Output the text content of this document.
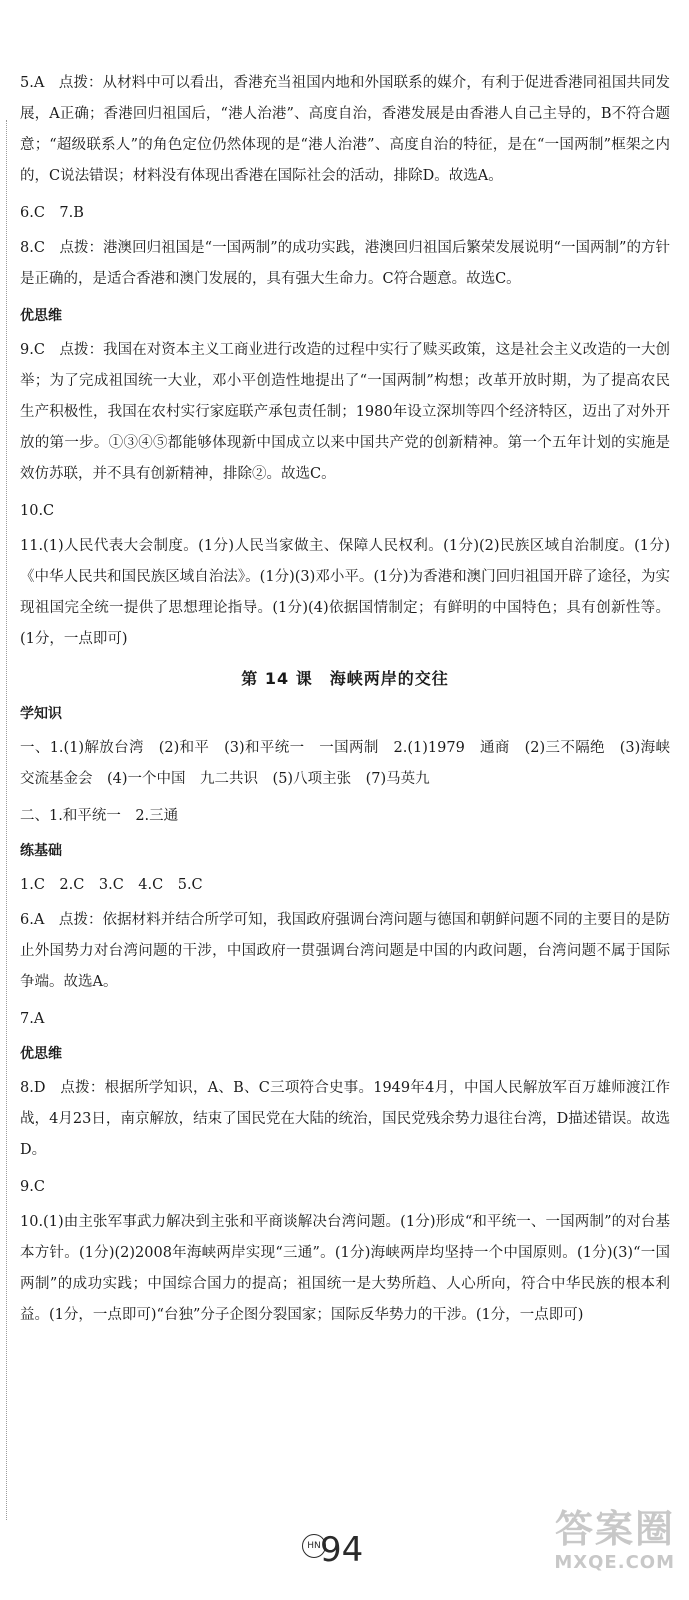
5.A　点拨：从材料中可以看出，香港充当祖国内地和外国联系的媒介，有利于促进香港同祖国共同发展，A正确；香港回归祖国后，“港人治港”、高度自治，香港发展是由香港人自己主导的，B不符合题意；“超级联系人”的角色定位仍然体现的是“港人治港”、高度自治的特征，是在“一国两制”框架之内的，C说法错误；材料没有体现出香港在国际社会的活动，排除D。故选A。

6.C　7.B

8.C　点拨：港澳回归祖国是“一国两制”的成功实践，港澳回归祖国后繁荣发展说明“一国两制”的方针是正确的，是适合香港和澳门发展的，具有强大生命力。C符合题意。故选C。

优思维

9.C　点拨：我国在对资本主义工商业进行改造的过程中实行了赎买政策，这是社会主义改造的一大创举；为了完成祖国统一大业，邓小平创造性地提出了“一国两制”构想；改革开放时期，为了提高农民生产积极性，我国在农村实行家庭联产承包责任制；1980年设立深圳等四个经济特区，迈出了对外开放的第一步。①③④⑤都能够体现新中国成立以来中国共产党的创新精神。第一个五年计划的实施是效仿苏联，并不具有创新精神，排除②。故选C。

10.C

11.(1)人民代表大会制度。(1分)人民当家做主、保障人民权利。(1分)(2)民族区域自治制度。(1分)《中华人民共和国民族区域自治法》。(1分)(3)邓小平。(1分)为香港和澳门回归祖国开辟了途径，为实现祖国完全统一提供了思想理论指导。(1分)(4)依据国情制定；有鲜明的中国特色；具有创新性等。(1分，一点即可)

第 14 课　海峡两岸的交往
学知识

一、1.(1)解放台湾　(2)和平　(3)和平统一　一国两制　2.(1)1979　通商　(2)三不隔绝　(3)海峡交流基金会　(4)一个中国　九二共识　(5)八项主张　(7)马英九

二、1.和平统一　2.三通

练基础

1.C　2.C　3.C　4.C　5.C

6.A　点拨：依据材料并结合所学可知，我国政府强调台湾问题与德国和朝鲜问题不同的主要目的是防止外国势力对台湾问题的干涉，中国政府一贯强调台湾问题是中国的内政问题，台湾问题不属于国际争端。故选A。

7.A

优思维

8.D　点拨：根据所学知识，A、B、C三项符合史事。1949年4月，中国人民解放军百万雄师渡江作战，4月23日，南京解放，结束了国民党在大陆的统治，国民党残余势力退往台湾，D描述错误。故选D。

9.C

10.(1)由主张军事武力解决到主张和平商谈解决台湾问题。(1分)形成“和平统一、一国两制”的对台基本方针。(1分)(2)2008年海峡两岸实现“三通”。(1分)海峡两岸均坚持一个中国原则。(1分)(3)“一国两制”的成功实践；中国综合国力的提高；祖国统一是大势所趋、人心所向，符合中华民族的根本利益。(1分，一点即可)“台独”分子企图分裂国家；国际反华势力的干涉。(1分，一点即可)

HN 94	答案圈
MXQE.COM
